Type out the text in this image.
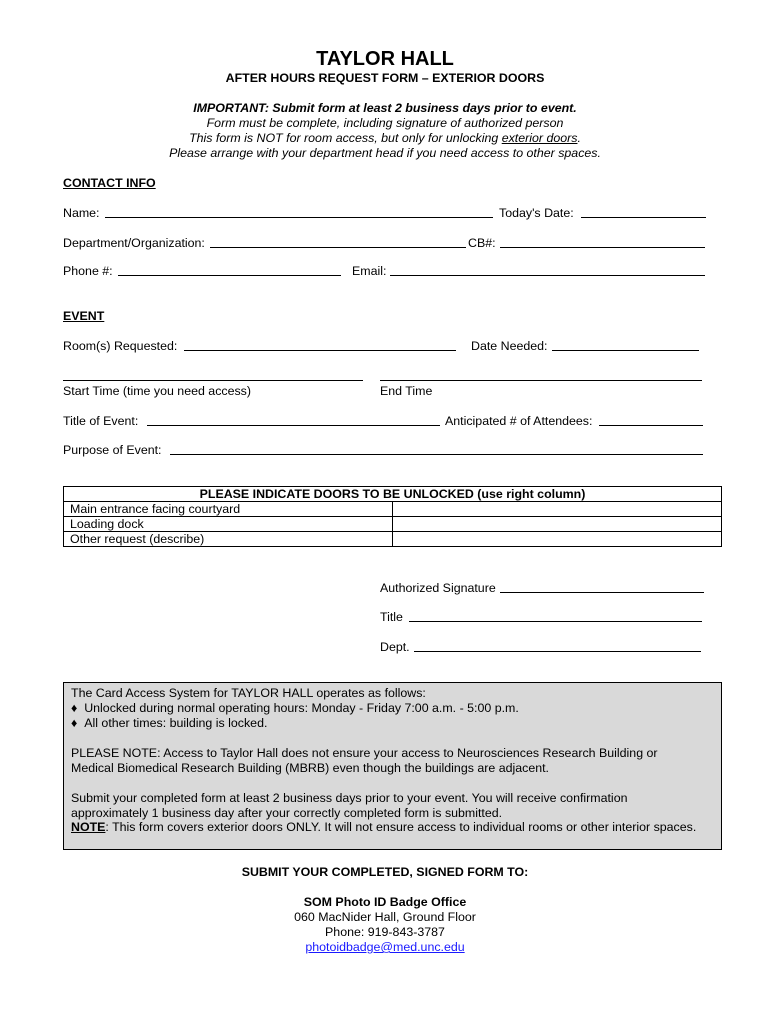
TAYLOR HALL
AFTER HOURS REQUEST FORM – EXTERIOR DOORS
IMPORTANT: Submit form at least 2 business days prior to event.
Form must be complete, including signature of authorized person
This form is NOT for room access, but only for unlocking exterior doors.
Please arrange with your department head if you need access to other spaces.
CONTACT INFO
Name:	Today's Date:
Department/Organization:	CB#:
Phone #:	Email:
EVENT
Room(s) Requested:	Date Needed:
Start Time (time you need access)	End Time
Title of Event:	Anticipated # of Attendees:
Purpose of Event:
PLEASE INDICATE DOORS TO BE UNLOCKED (use right column)	
Main entrance facing courtyard	
Loading dock	
Other request (describe)	
Authorized Signature
Title
Dept.
The Card Access System for TAYLOR HALL operates as follows:
♦ Unlocked during normal operating hours: Monday - Friday 7:00 a.m. - 5:00 p.m.
♦ All other times: building is locked.
PLEASE NOTE: Access to Taylor Hall does not ensure your access to Neurosciences Research Building or
Medical Biomedical Research Building (MBRB) even though the buildings are adjacent.
Submit your completed form at least 2 business days prior to your event. You will receive confirmation
approximately 1 business day after your correctly completed form is submitted.
NOTE: This form covers exterior doors ONLY. It will not ensure access to individual rooms or other interior spaces.
SUBMIT YOUR COMPLETED, SIGNED FORM TO:
SOM Photo ID Badge Office
060 MacNider Hall, Ground Floor
Phone: 919-843-3787
photoidbadge@med.unc.edu
